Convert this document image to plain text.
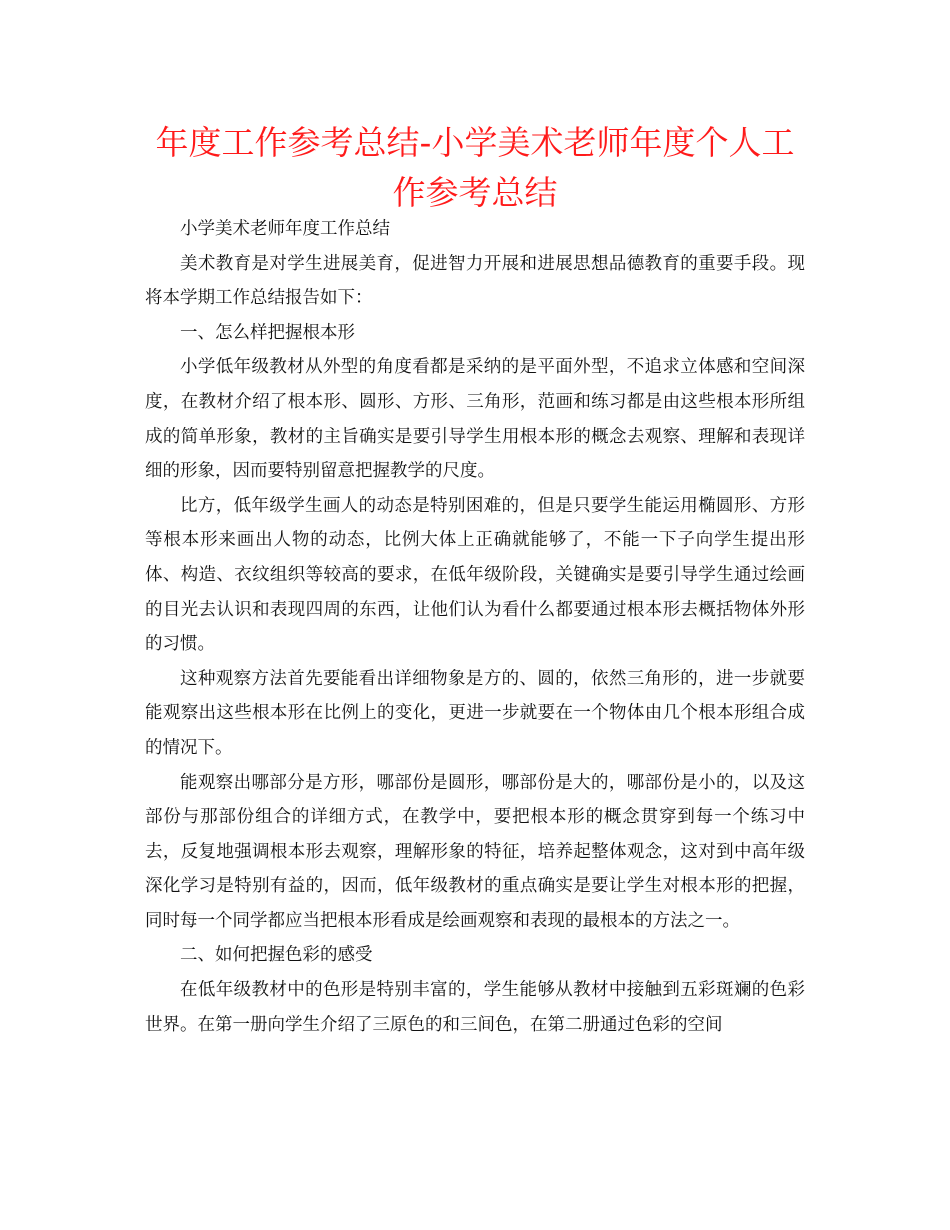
年度工作参考总结-小学美术老师年度个人工作参考总结

小学美术老师年度工作总结

美术教育是对学生进展美育，促进智力开展和进展思想品德教育的重要手段。现将本学期工作总结报告如下：

一、怎么样把握根本形

小学低年级教材从外型的角度看都是采纳的是平面外型，不追求立体感和空间深度，在教材介绍了根本形、圆形、方形、三角形，范画和练习都是由这些根本形所组成的简单形象，教材的主旨确实是要引导学生用根本形的概念去观察、理解和表现详细的形象，因而要特别留意把握教学的尺度。

比方，低年级学生画人的动态是特别困难的，但是只要学生能运用椭圆形、方形等根本形来画出人物的动态，比例大体上正确就能够了，不能一下子向学生提出形体、构造、衣纹组织等较高的要求，在低年级阶段，关键确实是要引导学生通过绘画的目光去认识和表现四周的东西，让他们认为看什么都要通过根本形去概括物体外形的习惯。

这种观察方法首先要能看出详细物象是方的、圆的，依然三角形的，进一步就要能观察出这些根本形在比例上的变化，更进一步就要在一个物体由几个根本形组合成的情况下。

能观察出哪部分是方形，哪部份是圆形，哪部份是大的，哪部份是小的，以及这部份与那部份组合的详细方式，在教学中，要把根本形的概念贯穿到每一个练习中去，反复地强调根本形去观察，理解形象的特征，培养起整体观念，这对到中高年级深化学习是特别有益的，因而，低年级教材的重点确实是要让学生对根本形的把握，同时每一个同学都应当把根本形看成是绘画观察和表现的最根本的方法之一。

二、如何把握色彩的感受

在低年级教材中的色形是特别丰富的，学生能够从教材中接触到五彩斑斓的色彩世界。在第一册向学生介绍了三原色的和三间色，在第二册通过色彩的空间
